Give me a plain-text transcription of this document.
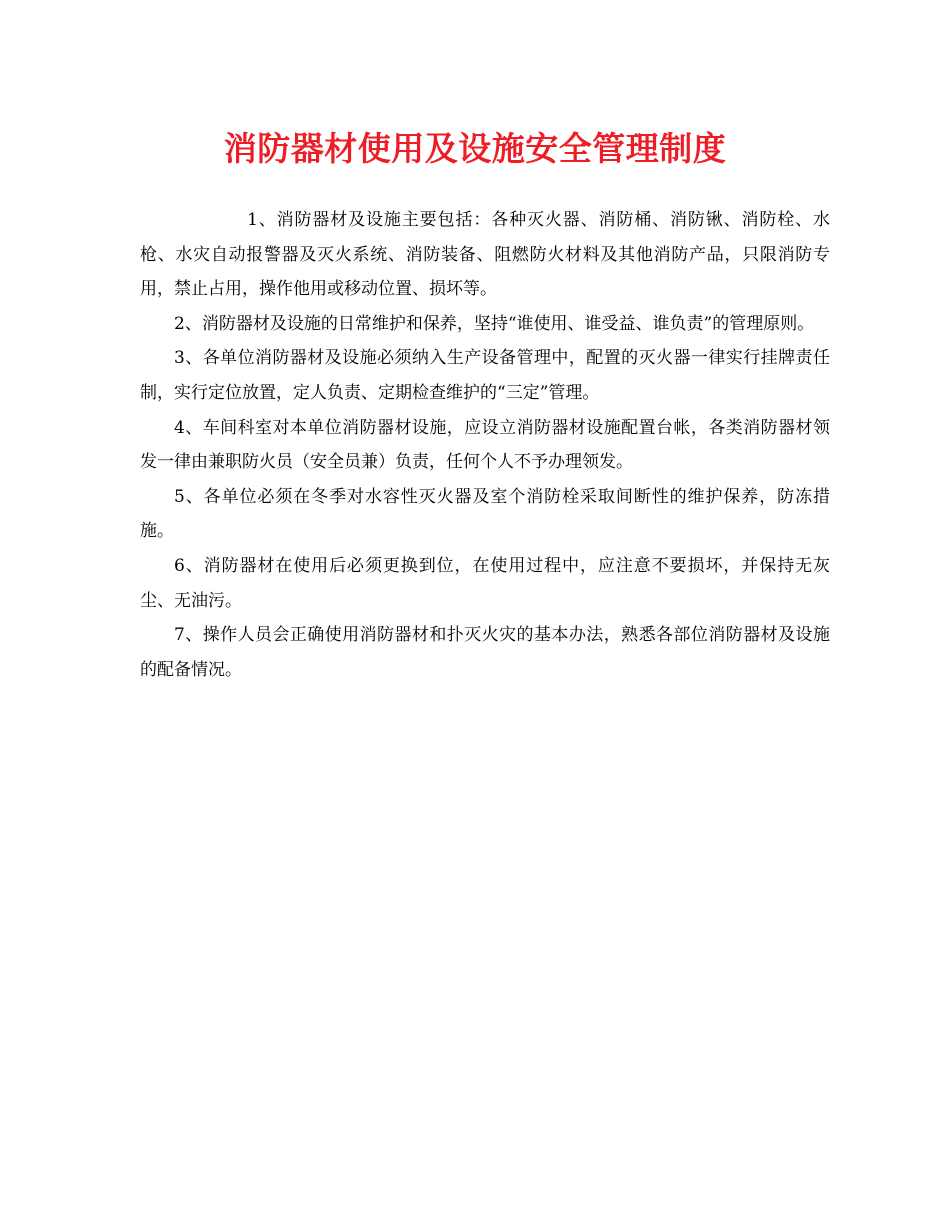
消防器材使用及设施安全管理制度

1、消防器材及设施主要包括：各种灭火器、消防桶、消防锹、消防栓、水枪、水灾自动报警器及灭火系统、消防装备、阻燃防火材料及其他消防产品，只限消防专用，禁止占用，操作他用或移动位置、损坏等。

2、消防器材及设施的日常维护和保养，坚持“谁使用、谁受益、谁负责”的管理原则。

3、各单位消防器材及设施必须纳入生产设备管理中，配置的灭火器一律实行挂牌责任制，实行定位放置，定人负责、定期检查维护的“三定”管理。

4、车间科室对本单位消防器材设施，应设立消防器材设施配置台帐，各类消防器材领发一律由兼职防火员（安全员兼）负责，任何个人不予办理领发。

5、各单位必须在冬季对水容性灭火器及室个消防栓采取间断性的维护保养，防冻措施。

6、消防器材在使用后必须更换到位，在使用过程中，应注意不要损坏，并保持无灰尘、无油污。

7、操作人员会正确使用消防器材和扑灭火灾的基本办法，熟悉各部位消防器材及设施的配备情况。
